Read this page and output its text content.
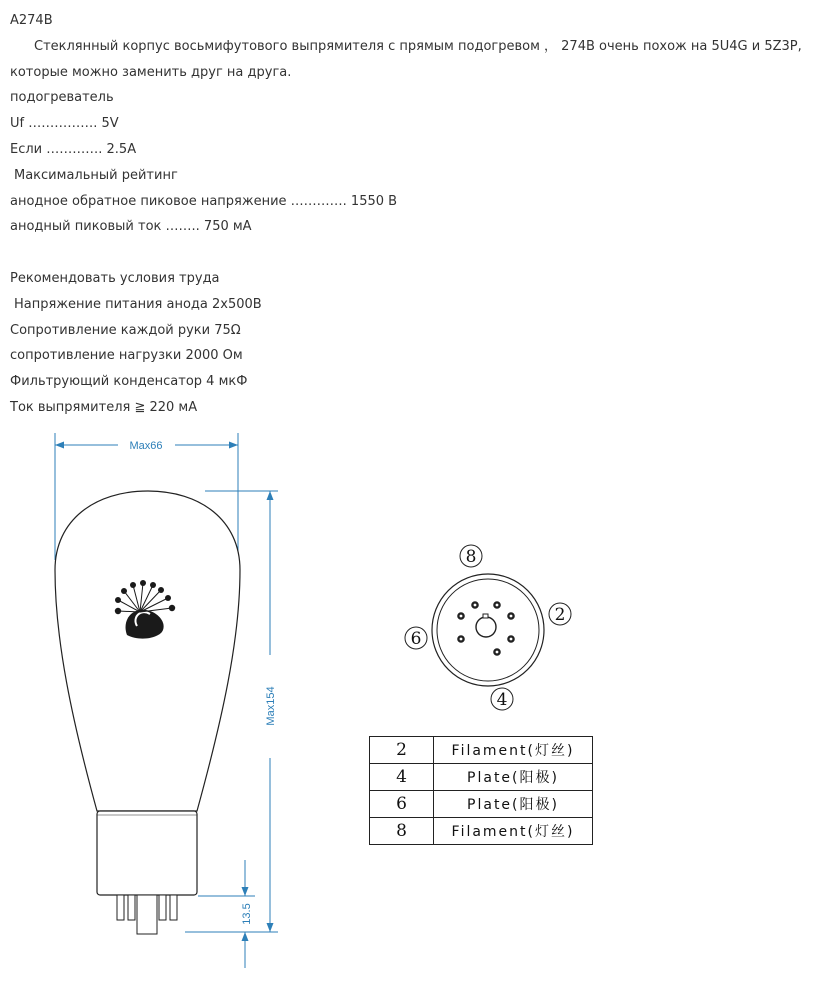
A274B
Стеклянный корпус восьмифутового выпрямителя с прямым подогревом ， 274B очень похож на 5U4G и 5Z3P,
которые можно заменить друг на друга.
подогреватель
Uf ……………. 5V
Если …………. 2.5A
Максимальный рейтинг
анодное обратное пиковое напряжение …………. 1550 В
анодный пиковый ток …….. 750 мА
Рекомендовать условия труда
Напряжение питания анода 2x500В
Сопротивление каждой руки 75Ω
сопротивление нагрузки 2000 Ом
Фильтрующий конденсатор 4 мкФ
Ток выпрямителя ≧ 220 мА
Max66
Max154
13.5
8
2
6
4
2	Filament(灯丝)
4	Plate(阳极)
6	Plate(阳极)
8	Filament(灯丝)
